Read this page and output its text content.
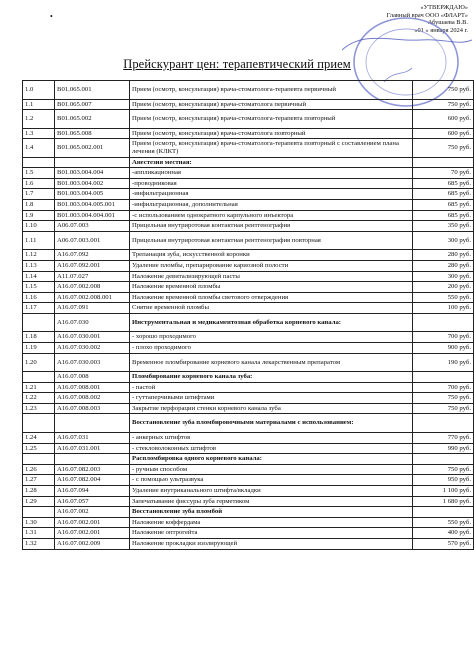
•
«УТВЕРЖДАЮ»
Главный врач ООО «ФЛАРТ»
Абушаева В.В.
«01 » января 2024 г.
Прейскурант цен: терапевтический прием
1.0	В01.065.001	Прием (осмотр, консультация) врача-стоматолога-терапевта первичный	750 руб.
1.1	В01.065.007	Прием (осмотр, консультация) врача-стоматолога первичный	750 руб.
1.2	В01.065.002	Прием (осмотр, консультация) врача-стоматолога-терапевта повторный	600 руб.
1.3	В01.065.008	Прием (осмотр, консультация) врача-стоматолога повторный	600 руб.
1.4	В01.065.002.001	Прием (осмотр, консультация) врача-стоматолога-терапевта повторный с составлением плана лечения (КЛКТ)	750 руб.
		Анестезия местная:	
1.5	В01.003.004.004	-аппликационная	70 руб.
1.6	В01.003.004.002	-проводниковая	685 руб.
1.7	В01.003.004.005	-инфильтрационная	685 руб.
1.8	В01.003.004.005.001	-инфильтрационная, дополнительная	685 руб.
1.9	В01.003.004.004.001	-с использованием однократного карпульного инъектора	685 руб.
1.10	А06.07.003	Прицельная внутриротовая контактная рентгенография	350 руб.
1.11	А06.07.003.001	Прицельная внутриротовая контактная рентгенография повторная	300 руб.
1.12	А16.07.092	Трепанация зуба, искусственной коронки	280 руб.
1.13	А16.07.092.001	Удаление пломбы, препарирование кариозной полости	280 руб.
1.14	А11.07.027	Наложение девитализирующей пасты	300 руб.
1.15	А16.07.002.008	Наложение временной пломбы	200 руб.
1.16	А16.07.002.008.001	Наложение временной пломбы светового отверждения	550 руб.
1.17	А16.07.091	Снятие временной пломбы	100 руб.
	А16.07.030	Инструментальная и медикаментозная обработка корневого канала:	
1.18	А16.07.030.001	- хорошо проходимого	700 руб.
1.19	А16.07.030.002	- плохо проходимого	900 руб.
1.20	А16.07.030.003	Временное пломбирование корневого канала лекарственным препаратом	190 руб.
	А16.07.008	Пломбирование корневого канала зуба:	
1.21	А16.07.008.001	- пастой	700 руб.
1.22	А16.07.008.002	- гуттаперчивыми штифтами	750 руб.
1.23	А16.07.008.003	Закрытие перфорации стенки корневого канала зуба	750 руб.
		Восстановление зуба пломбировочными материалами с использованием:	
1.24	А16.07.031	- анкерных штифтов	770 руб.
1.25	А16.07.031.001	- стекловолоконных штифтов	990 руб.
		Распломбировка одного корневого канала:	
1.26	А16.07.082.003	- ручным способом	750 руб.
1.27	А16.07.082.004	- с помощью ультразвука	950 руб.
1.28	А16.07.094	Удаление внутриканального штифта/вкладки	1 100 руб.
1.29	А16.07.057	Запечатывание фиссуры зуба герметиком	1 680 руб.
	А16.07.002	Восстановление зуба пломбой	
1.30	А16.07.002.001	Наложение коффердама	550 руб.
1.31	А16.07.002.001	Наложение оптрогейта	400 руб.
1.32	А16.07.002.009	Наложение прокладки изолирующей	570 руб.
